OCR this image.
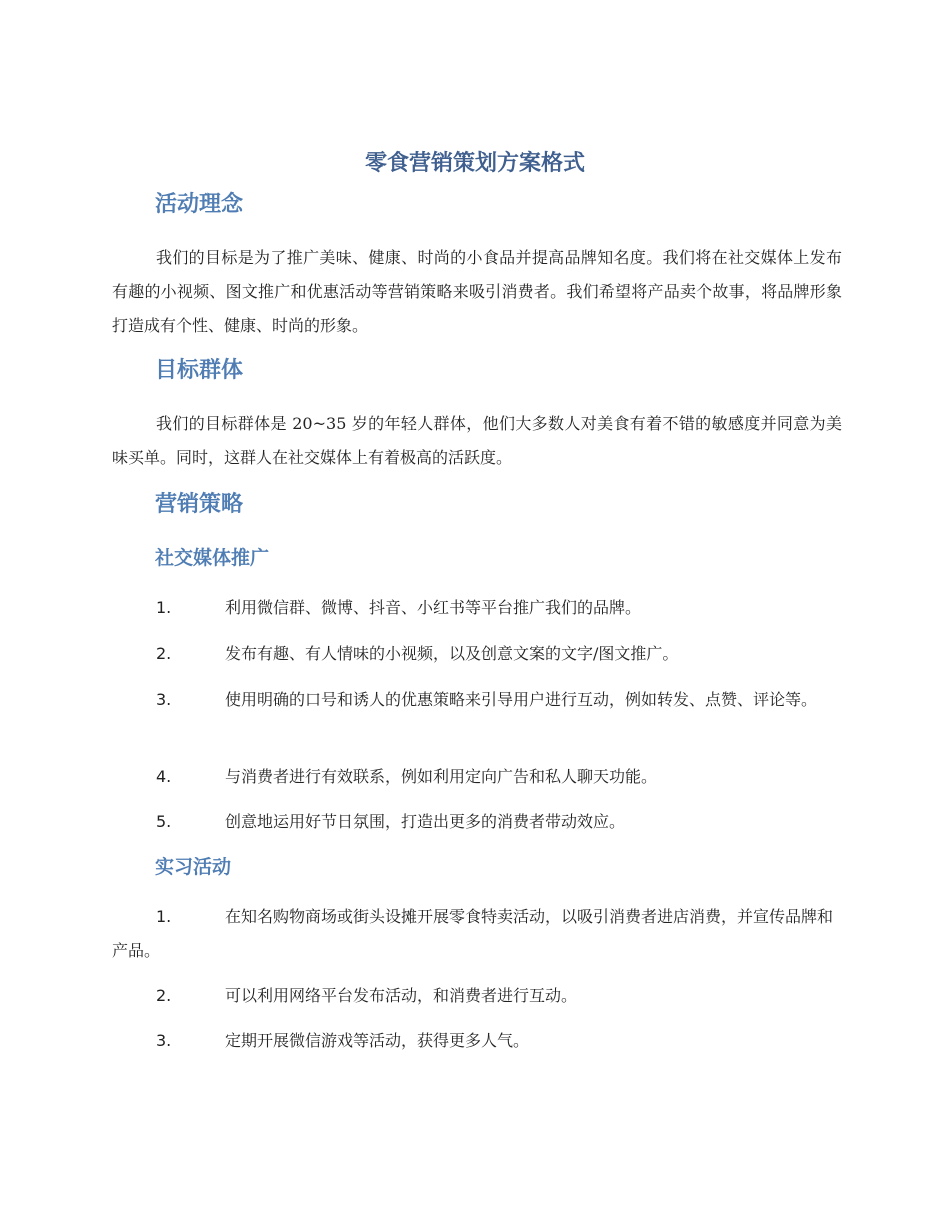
零食营销策划方案格式
活动理念

我们的目标是为了推广美味、健康、时尚的小食品并提高品牌知名度。我们将在社交媒体上发布有趣的小视频、图文推广和优惠活动等营销策略来吸引消费者。我们希望将产品卖个故事，将品牌形象打造成有个性、健康、时尚的形象。

目标群体

我们的目标群体是 20~35 岁的年轻人群体，他们大多数人对美食有着不错的敏感度并同意为美味买单。同时，这群人在社交媒体上有着极高的活跃度。

营销策略
社交媒体推广

1.	利用微信群、微博、抖音、小红书等平台推广我们的品牌。

2.	发布有趣、有人情味的小视频，以及创意文案的文字/图文推广。

3.	使用明确的口号和诱人的优惠策略来引导用户进行互动，例如转发、点赞、评论等。

4.	与消费者进行有效联系，例如利用定向广告和私人聊天功能。

5.	创意地运用好节日氛围，打造出更多的消费者带动效应。

实习活动

1.	在知名购物商场或街头设摊开展零食特卖活动，以吸引消费者进店消费，并宣传品牌和产品。

2.	可以利用网络平台发布活动，和消费者进行互动。

3.	定期开展微信游戏等活动，获得更多人气。
